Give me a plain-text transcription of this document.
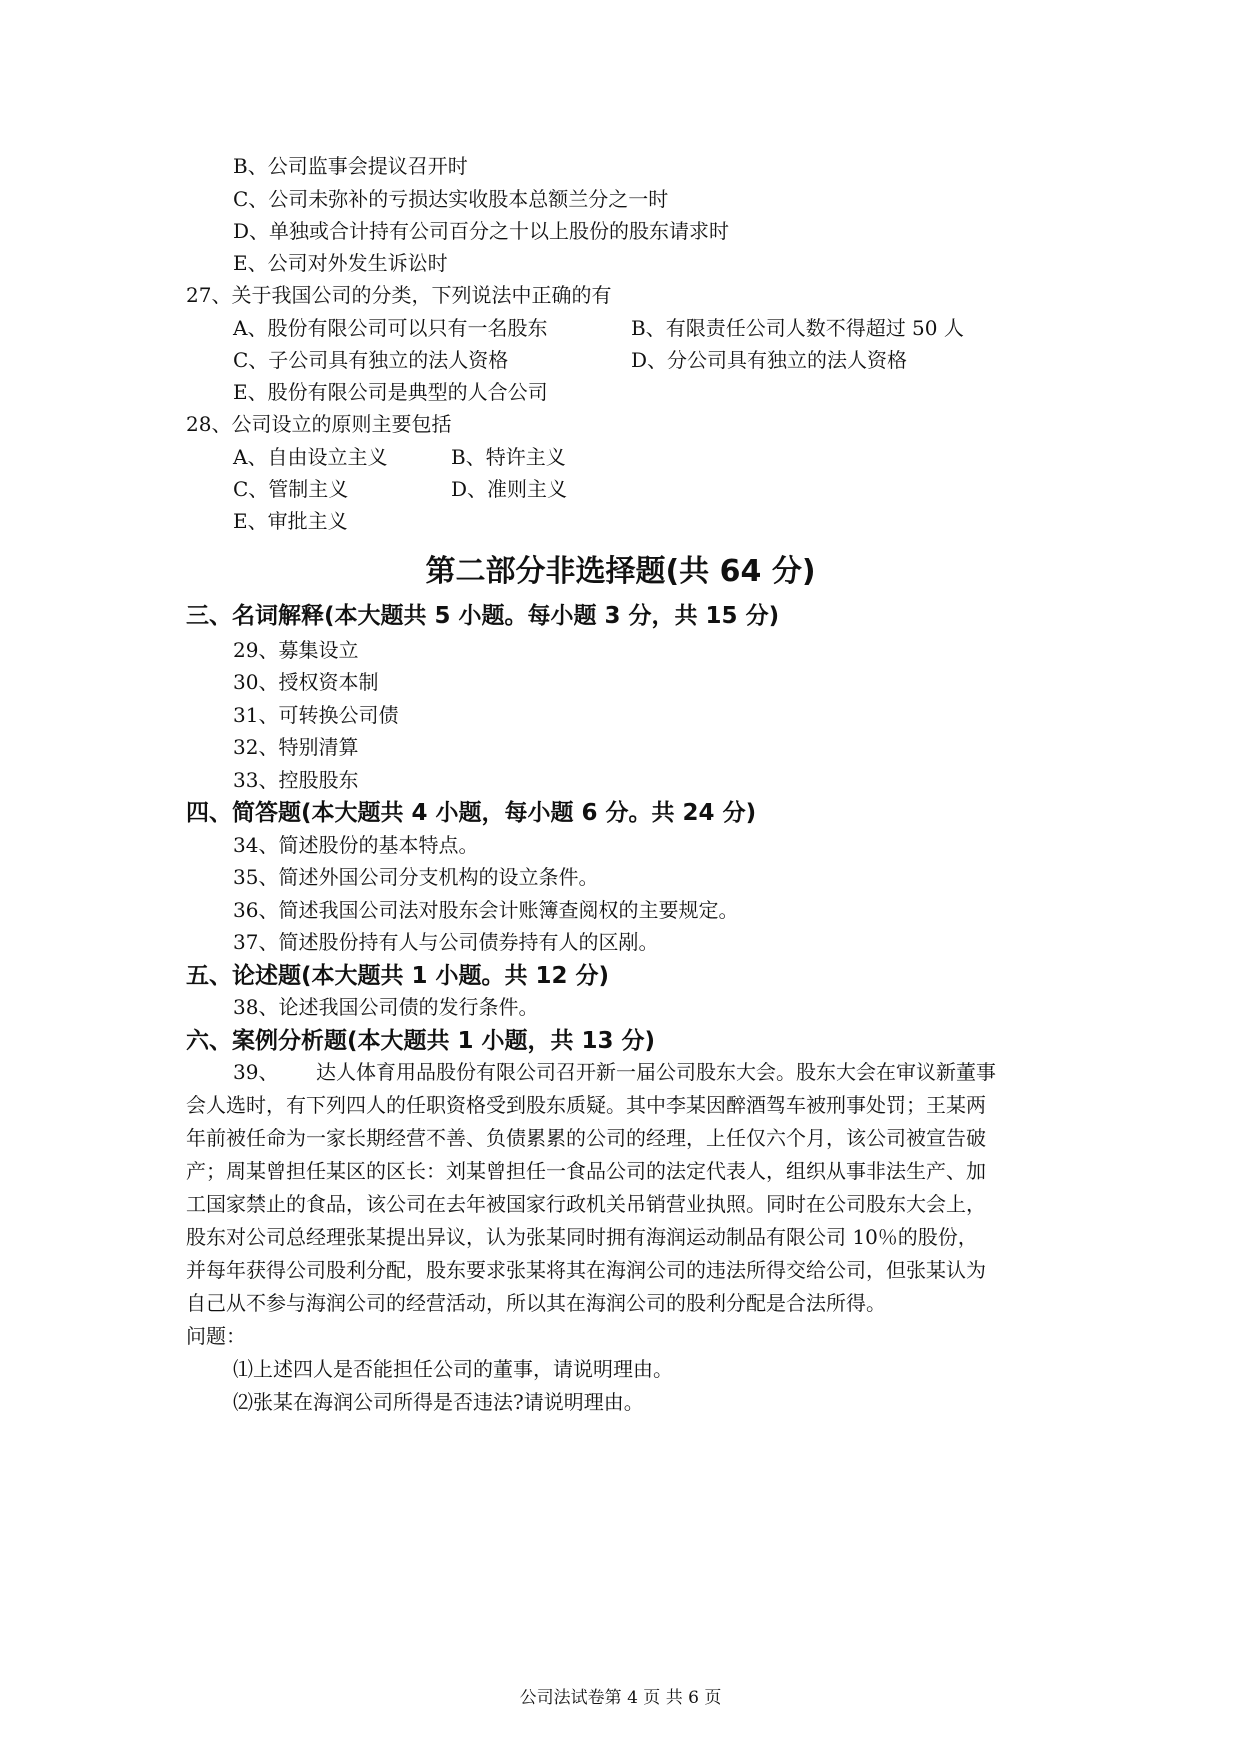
B、公司监事会提议召开时
C、公司未弥补的亏损达实收股本总额兰分之一时
D、单独或合计持有公司百分之十以上股份的股东请求时
E、公司对外发生诉讼时
27、关于我国公司的分类，下列说法中正确的有
A、股份有限公司可以只有一名股东	B、有限责任公司人数不得超过 50 人
C、子公司具有独立的法人资格	D、分公司具有独立的法人资格
E、股份有限公司是典型的人合公司
28、公司设立的原则主要包括
A、自由设立主义	B、特许主义
C、管制主义	D、准则主义
E、审批主义
第二部分非选择题(共 64 分)
三、名词解释(本大题共 5 小题。每小题 3 分，共 15 分)
29、募集设立
30、授权资本制
31、可转换公司债
32、特别清算
33、控股股东
四、简答题(本大题共 4 小题，每小题 6 分。共 24 分)
34、简述股份的基本特点。
35、简述外国公司分支机构的设立条件。
36、简述我国公司法对股东会计账簿查阅权的主要规定。
37、简述股份持有人与公司债券持有人的区剐。
五、论述题(本大题共 1 小题。共 12 分)
38、论述我国公司债的发行条件。
六、案例分析题(本大题共 1 小题，共 13 分)
39、 达人体育用品股份有限公司召开新一届公司股东大会。股东大会在审议新董事
会人选时，有下列四人的任职资格受到股东质疑。其中李某因醉酒驾车被刑事处罚；王某两
年前被任命为一家长期经营不善、负债累累的公司的经理，上任仅六个月，该公司被宣告破
产；周某曾担任某区的区长：刘某曾担任一食品公司的法定代表人，组织从事非法生产、加
工国家禁止的食品，该公司在去年被国家行政机关吊销营业执照。同时在公司股东大会上，
股东对公司总经理张某提出异议，认为张某同时拥有海润运动制品有限公司 10％的股份，
并每年获得公司股利分配，股东要求张某将其在海润公司的违法所得交给公司，但张某认为
自己从不参与海润公司的经营活动，所以其在海润公司的股利分配是合法所得。
问题：
⑴上述四人是否能担任公司的董事，请说明理由。
⑵张某在海润公司所得是否违法?请说明理由。
公司法试卷第 4 页 共 6 页
